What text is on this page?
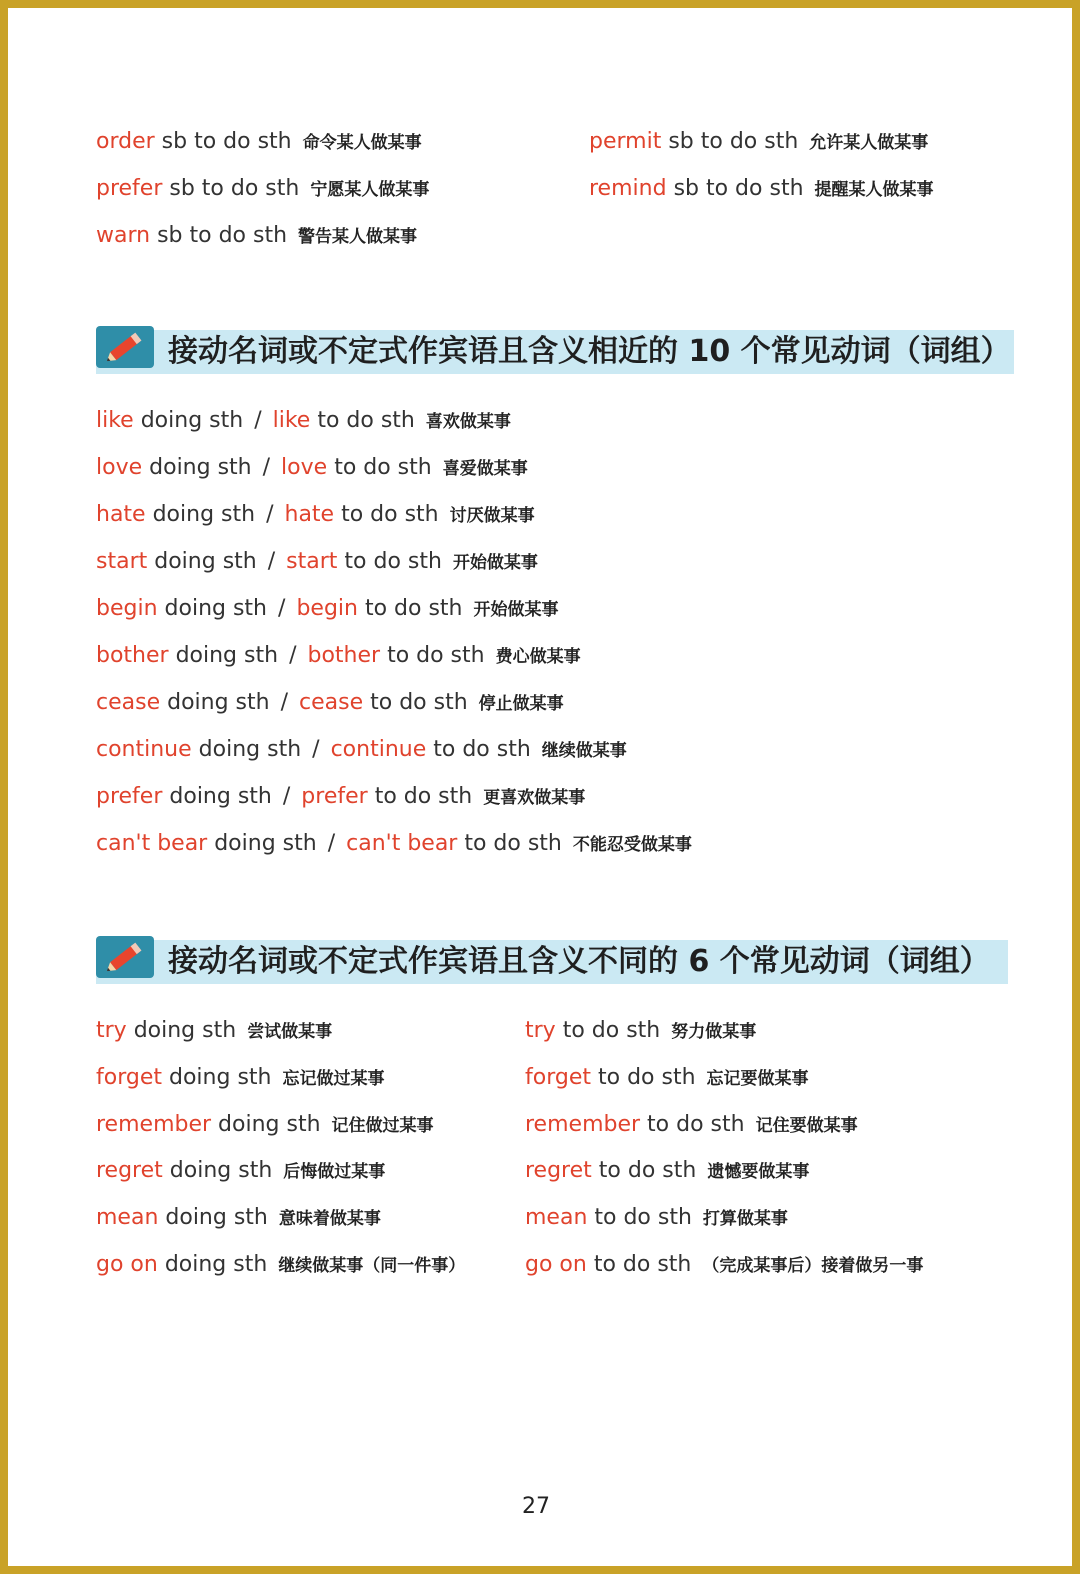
order sb to do sth 命令某人做某事
prefer sb to do sth 宁愿某人做某事
warn sb to do sth 警告某人做某事
permit sb to do sth 允许某人做某事
remind sb to do sth 提醒某人做某事
接动名词或不定式作宾语且含义相近的 10 个常见动词（词组）
like doing sth / like to do sth 喜欢做某事
love doing sth / love to do sth 喜爱做某事
hate doing sth / hate to do sth 讨厌做某事
start doing sth / start to do sth 开始做某事
begin doing sth / begin to do sth 开始做某事
bother doing sth / bother to do sth 费心做某事
cease doing sth / cease to do sth 停止做某事
continue doing sth / continue to do sth 继续做某事
prefer doing sth / prefer to do sth 更喜欢做某事
can't bear doing sth / can't bear to do sth 不能忍受做某事
接动名词或不定式作宾语且含义不同的 6 个常见动词（词组）
try doing sth 尝试做某事
forget doing sth 忘记做过某事
remember doing sth 记住做过某事
regret doing sth 后悔做过某事
mean doing sth 意味着做某事
go on doing sth 继续做某事（同一件事）
try to do sth 努力做某事
forget to do sth 忘记要做某事
remember to do sth 记住要做某事
regret to do sth 遗憾要做某事
mean to do sth 打算做某事
go on to do sth （完成某事后）接着做另一事
27
